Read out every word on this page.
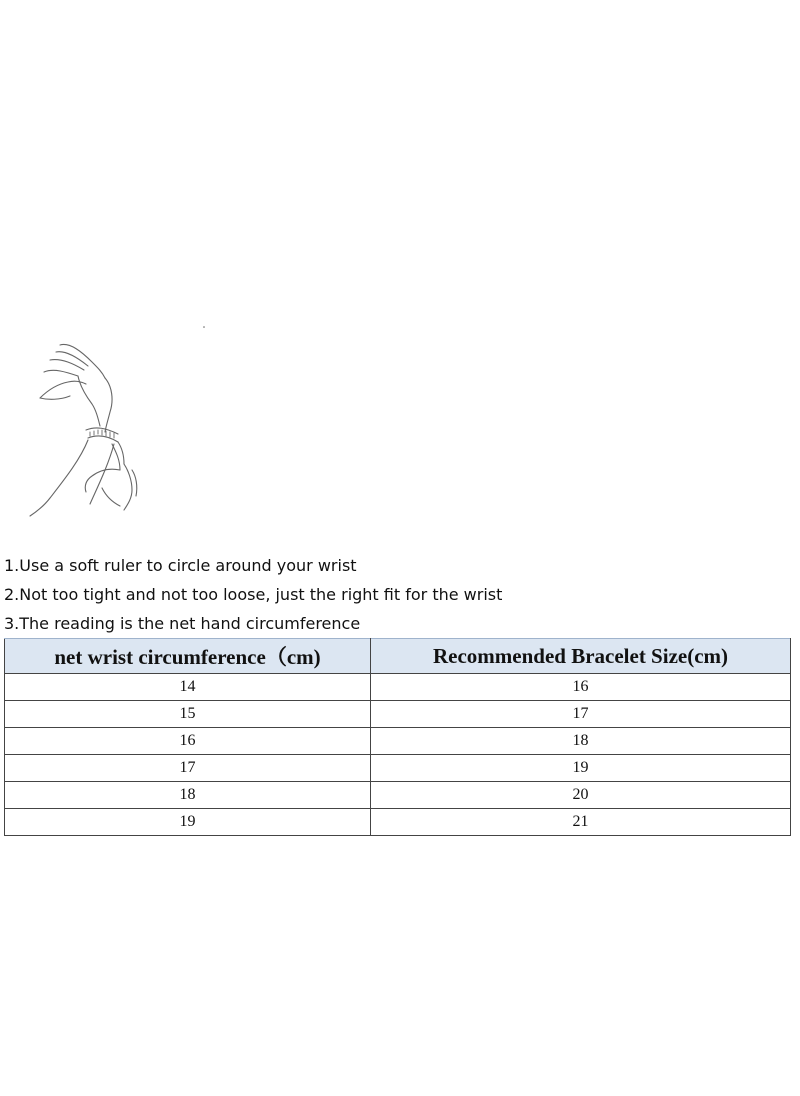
1.Use a soft ruler to circle around your wrist
2.Not too tight and not too loose, just the right fit for the wrist
3.The reading is the net hand circumference
net wrist circumference（cm)	Recommended Bracelet Size(cm)
14	16
15	17
16	18
17	19
18	20
19	21
